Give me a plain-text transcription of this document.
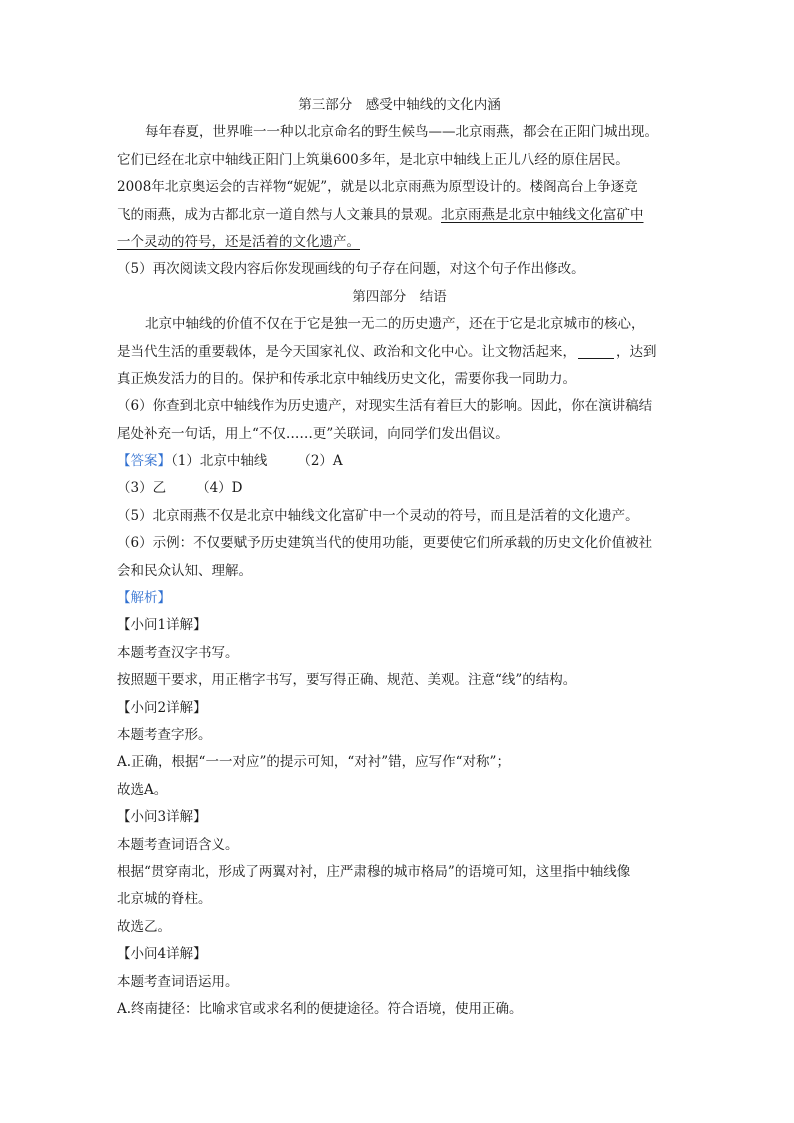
第三部分　感受中轴线的文化内涵
每年春夏，世界唯一一种以北京命名的野生候鸟——北京雨燕，都会在正阳门城出现。
它们已经在北京中轴线正阳门上筑巢600多年，是北京中轴线上正儿八经的原住居民。
2008年北京奥运会的吉祥物“妮妮”，就是以北京雨燕为原型设计的。楼阁高台上争逐竞
飞的雨燕，成为古都北京一道自然与人文兼具的景观。北京雨燕是北京中轴线文化富矿中
一个灵动的符号，还是活着的文化遗产。
（5）再次阅读文段内容后你发现画线的句子存在问题，对这个句子作出修改。
第四部分　结语
北京中轴线的价值不仅在于它是独一无二的历史遗产，还在于它是北京城市的核心，
是当代生活的重要载体，是今天国家礼仪、政治和文化中心。让文物活起来，	，达到
真正焕发活力的目的。保护和传承北京中轴线历史文化，需要你我一同助力。
（6）你查到北京中轴线作为历史遗产，对现实生活有着巨大的影响。因此，你在演讲稿结
尾处补充一句话，用上“不仅……更”关联词，向同学们发出倡议。
【答案】（1）北京中轴线 （2）A
（3）乙 （4）D
（5）北京雨燕不仅是北京中轴线文化富矿中一个灵动的符号，而且是活着的文化遗产。
（6）示例：不仅要赋予历史建筑当代的使用功能，更要使它们所承载的历史文化价值被社
会和民众认知、理解。
【解析】
【小问1详解】
本题考查汉字书写。
按照题干要求，用正楷字书写，要写得正确、规范、美观。注意“线”的结构。
【小问2详解】
本题考查字形。
A.正确，根据“一一对应”的提示可知，“对衬”错，应写作“对称”；
故选A。
【小问3详解】
本题考查词语含义。
根据“贯穿南北，形成了两翼对衬，庄严肃穆的城市格局”的语境可知，这里指中轴线像
北京城的脊柱。
故选乙。
【小问4详解】
本题考查词语运用。
A.终南捷径：比喻求官或求名利的便捷途径。符合语境，使用正确。
